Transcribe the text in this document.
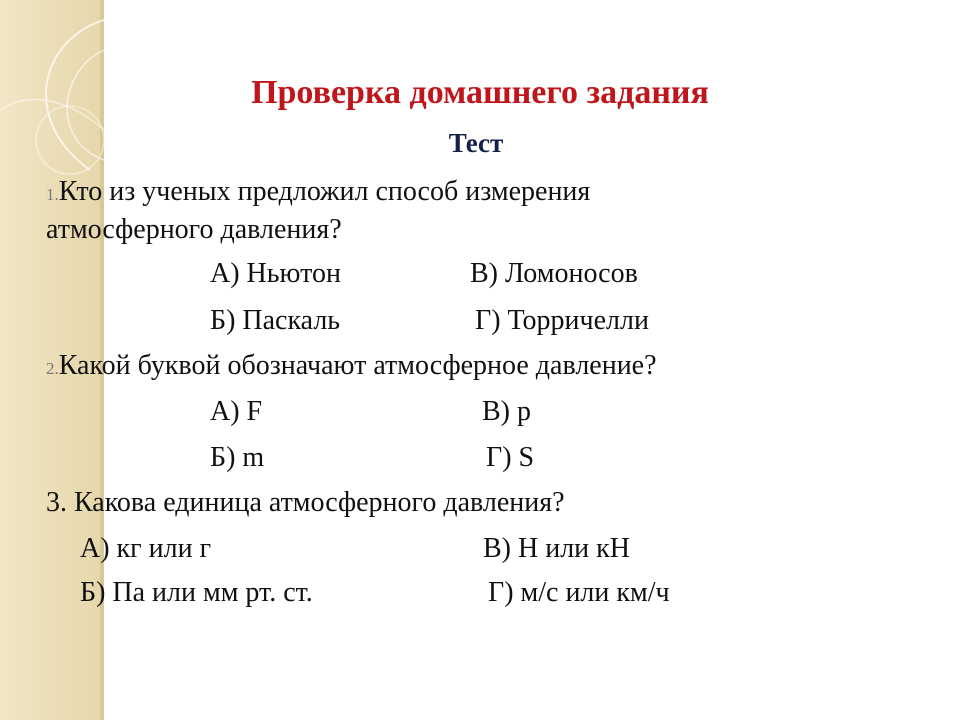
Проверка домашнего задания
Тест
1.Кто из ученых предложил способ измерения
атмосферного давления?
А) Ньютон	В) Ломоносов
Б) Паскаль	Г) Торричелли
2.Какой буквой обозначают атмосферное давление?
А) F	В) p
Б) m	Г) S
3. Какова единица атмосферного давления?
А) кг или г	В) Н или кН
Б) Па или мм рт. ст.	Г) м/с или км/ч
